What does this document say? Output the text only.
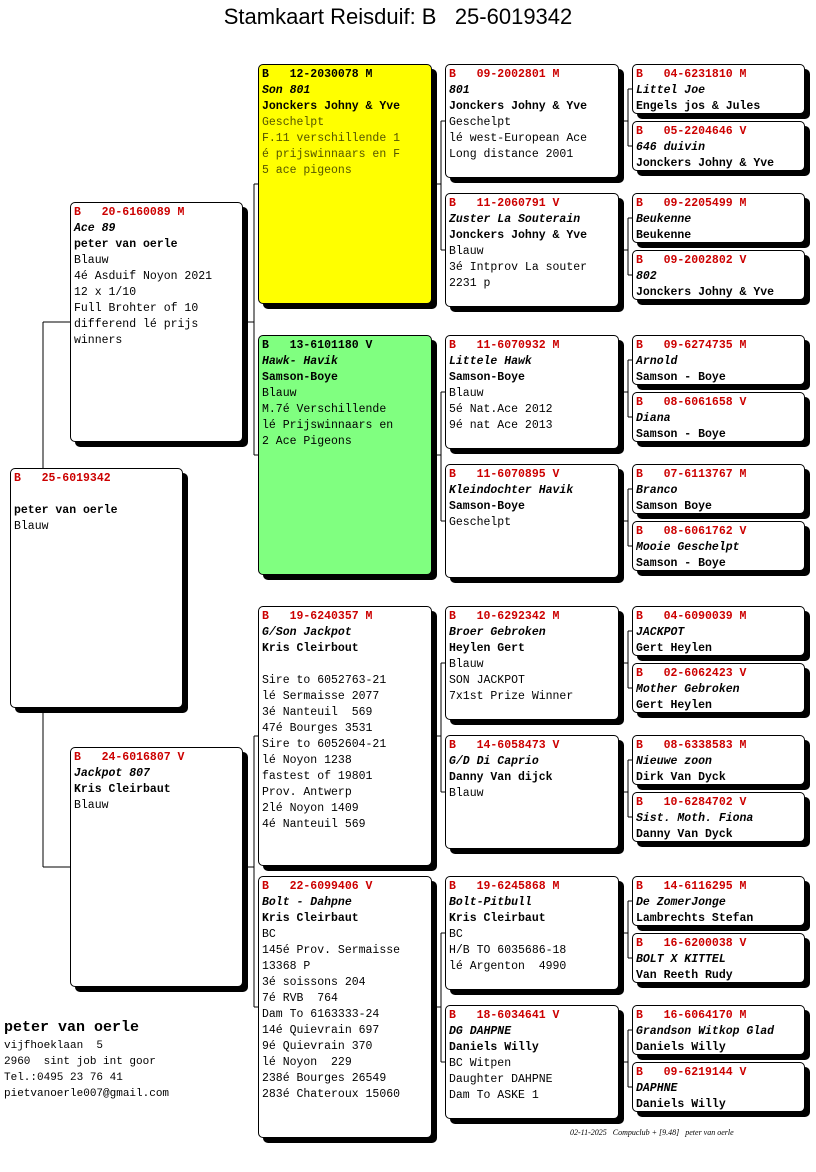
Stamkaart Reisduif: B   25-6019342
B   25-6019342
peter van oerle
Blauw
B   20-6160089 M
Ace 89
peter van oerle
Blauw
4é Asduif Noyon 2021
12 x 1/10
Full Brohter of 10
differend lé prijs
winners
B   24-6016807 V
Jackpot 807
Kris Cleirbaut
Blauw
B   12-2030078 M
Son 801
Jonckers Johny & Yve
Geschelpt
F.11 verschillende 1
é prijswinnaars en F
5 ace pigeons
B   13-6101180 V
Hawk- Havik
Samson-Boye
Blauw
M.7é Verschillende
lé Prijswinnaars en
2 Ace Pigeons
B   19-6240357 M
G/Son Jackpot
Kris Cleirbout
Sire to 6052763-21
lé Sermaisse 2077
3é Nanteuil  569
47é Bourges 3531
Sire to 6052604-21
lé Noyon 1238
fastest of 19801
Prov. Antwerp
2lé Noyon 1409
4é Nanteuil 569
B   22-6099406 V
Bolt - Dahpne
Kris Cleirbaut
BC
145é Prov. Sermaisse
13368 P
3é soissons 204
7é RVB  764
Dam To 6163333-24
14é Quievrain 697
9é Quievrain 370
lé Noyon  229
238é Bourges 26549
283é Chateroux 15060
B   09-2002801 M
801
Jonckers Johny & Yve
Geschelpt
lé west-European Ace
Long distance 2001
B   11-2060791 V
Zuster La Souterain
Jonckers Johny & Yve
Blauw
3é Intprov La souter
2231 p
B   11-6070932 M
Littele Hawk
Samson-Boye
Blauw
5é Nat.Ace 2012
9é nat Ace 2013
B   11-6070895 V
Kleindochter Havik
Samson-Boye
Geschelpt
B   10-6292342 M
Broer Gebroken
Heylen Gert
Blauw
SON JACKPOT
7x1st Prize Winner
B   14-6058473 V
G/D Di Caprio
Danny Van dijck
Blauw
B   19-6245868 M
Bolt-Pitbull
Kris Cleirbaut
BC
H/B TO 6035686-18
lé Argenton  4990
B   18-6034641 V
DG DAHPNE
Daniels Willy
BC Witpen
Daughter DAHPNE
Dam To ASKE 1
B   04-6231810 M
Littel Joe
Engels jos & Jules
B   05-2204646 V
646 duivin
Jonckers Johny & Yve
B   09-2205499 M
Beukenne
Beukenne
B   09-2002802 V
802
Jonckers Johny & Yve
B   09-6274735 M
Arnold
Samson - Boye
B   08-6061658 V
Diana
Samson - Boye
B   07-6113767 M
Branco
Samson Boye
B   08-6061762 V
Mooie Geschelpt
Samson - Boye
B   04-6090039 M
JACKPOT
Gert Heylen
B   02-6062423 V
Mother Gebroken
Gert Heylen
B   08-6338583 M
Nieuwe zoon
Dirk Van Dyck
B   10-6284702 V
Sist. Moth. Fiona
Danny Van Dyck
B   14-6116295 M
De ZomerJonge
Lambrechts Stefan
B   16-6200038 V
BOLT X KITTEL
Van Reeth Rudy
B   16-6064170 M
Grandson Witkop Glad
Daniels Willy
B   09-6219144 V
DAPHNE
Daniels Willy
peter van oerle
vijfhoeklaan  5
2960  sint job int goor
Tel.:0495 23 76 41
pietvanoerle007@gmail.com
02-11-2025   Compuclub + [9.48]   peter van oerle
